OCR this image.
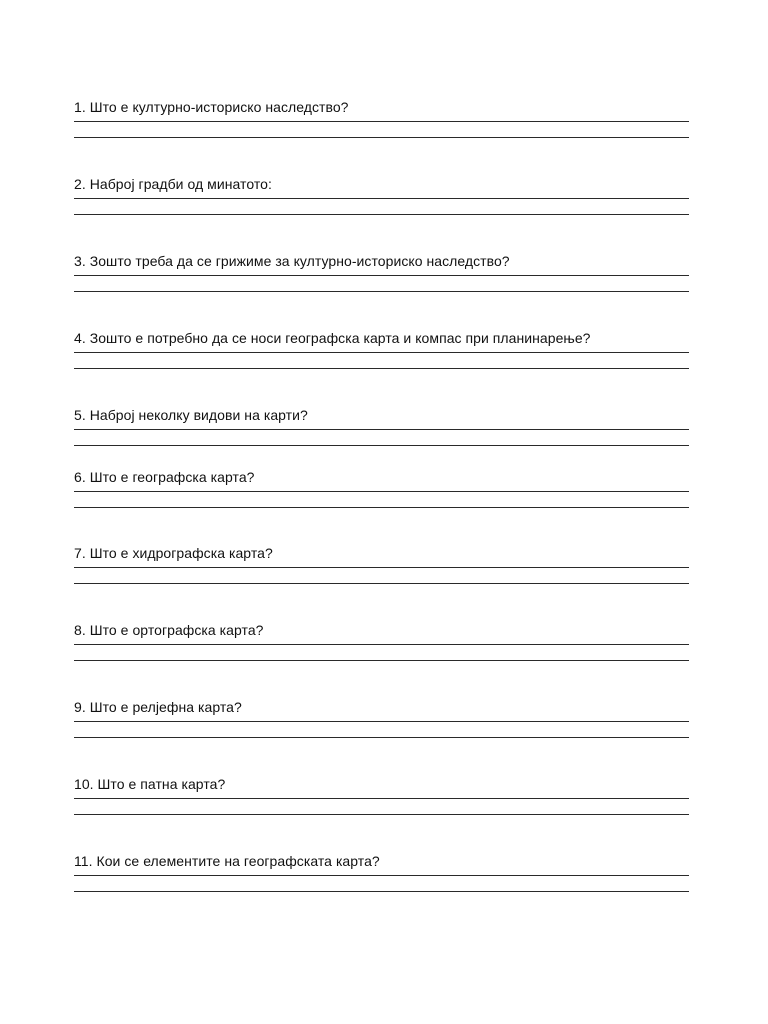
1. Што е културно-историско наследство?
2. Наброј градби од минатото:
3. Зошто треба да се грижиме за културно-историско наследство?
4. Зошто е потребно да се носи географска карта и компас при планинарење?
5. Наброј неколку видови на карти?
6. Што е географска карта?
7. Што е хидрографска карта?
8. Што е ортографска карта?
9. Што е релјефна карта?
10. Што е патна карта?
11. Кои се елементите на географската карта?
